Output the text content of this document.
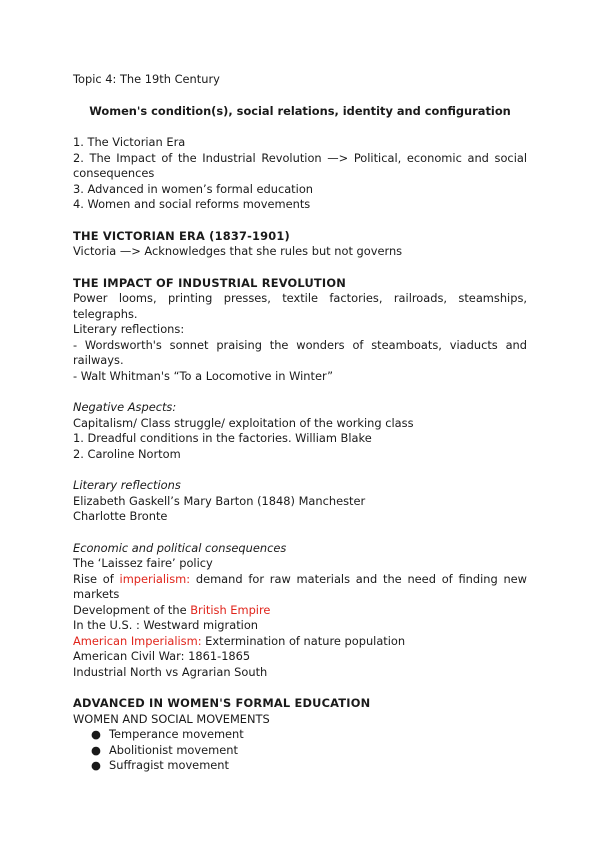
Topic 4: The 19th Century
Women's condition(s), social relations, identity and configuration
1. The Victorian Era
2. The Impact of the Industrial Revolution —> Political, economic and social
consequences
3. Advanced in women’s formal education
4. Women and social reforms movements
THE VICTORIAN ERA (1837-1901)
Victoria —> Acknowledges that she rules but not governs
THE IMPACT OF INDUSTRIAL REVOLUTION
Power looms, printing presses, textile factories, railroads, steamships,
telegraphs.
Literary reflections:
- Wordsworth's sonnet praising the wonders of steamboats, viaducts and
railways.
- Walt Whitman's “To a Locomotive in Winter”
Negative Aspects:
Capitalism/ Class struggle/ exploitation of the working class
1. Dreadful conditions in the factories. William Blake
2. Caroline Nortom
Literary reflections
Elizabeth Gaskell’s Mary Barton (1848) Manchester
Charlotte Bronte
Economic and political consequences
The ‘Laissez faire’ policy
Rise of imperialism: demand for raw materials and the need of finding new
markets
Development of the British Empire
In the U.S. : Westward migration
American Imperialism: Extermination of nature population
American Civil War: 1861-1865
Industrial North vs Agrarian South
ADVANCED IN WOMEN'S FORMAL EDUCATION
WOMEN AND SOCIAL MOVEMENTS
● Temperance movement
● Abolitionist movement
● Suffragist movement
